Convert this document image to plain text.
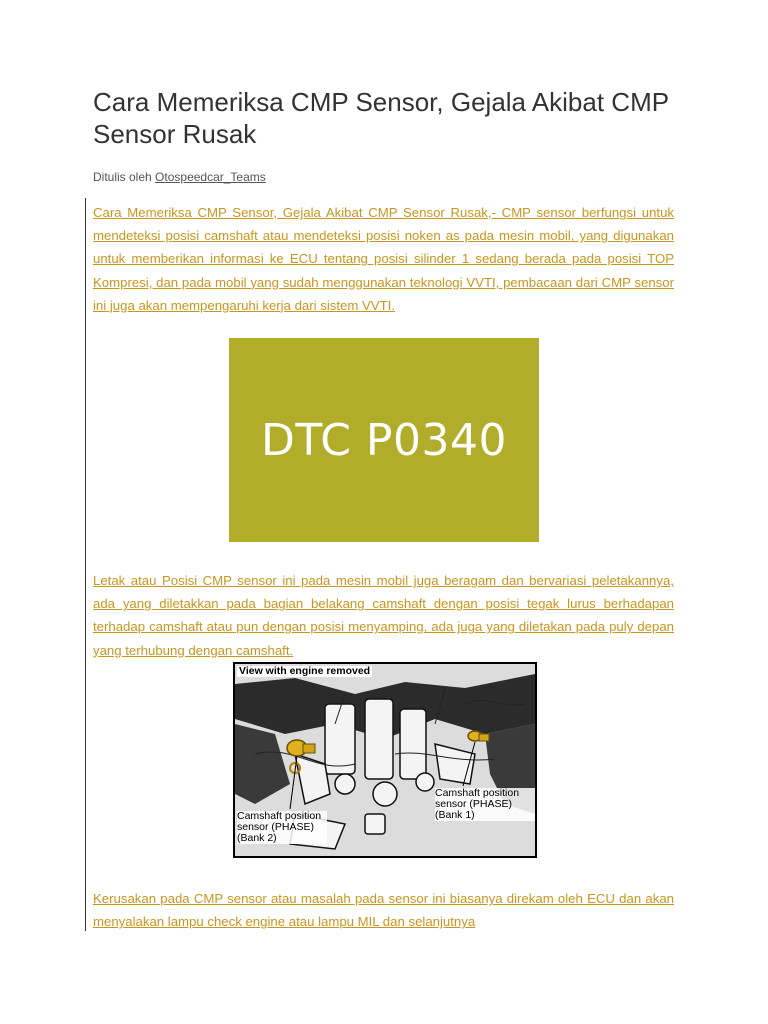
Cara Memeriksa CMP Sensor, Gejala Akibat CMP Sensor Rusak
Ditulis oleh Otospeedcar_Teams

Cara Memeriksa CMP Sensor, Gejala Akibat CMP Sensor Rusak,- CMP sensor berfungsi untuk mendeteksi posisi camshaft atau mendeteksi posisi noken as pada mesin mobil, yang digunakan untuk memberikan informasi ke ECU tentang posisi silinder 1 sedang berada pada posisi TOP Kompresi, dan pada mobil yang sudah menggunakan teknologi VVTI, pembacaan dari CMP sensor ini juga akan mempengaruhi kerja dari sistem VVTI.

DTC P0340

Letak atau Posisi CMP sensor ini pada mesin mobil juga beragam dan bervariasi peletakannya, ada yang diletakkan pada bagian belakang camshaft dengan posisi tegak lurus berhadapan terhadap camshaft atau pun dengan posisi menyamping, ada juga yang diletakan pada puly depan yang terhubung dengan camshaft.

View with engine removed
Camshaft position sensor (PHASE) (Bank 1)
Camshaft position sensor (PHASE) (Bank 2)

Kerusakan pada CMP sensor atau masalah pada sensor ini biasanya direkam oleh ECU dan akan menyalakan lampu check engine atau lampu MIL dan selanjutnya
